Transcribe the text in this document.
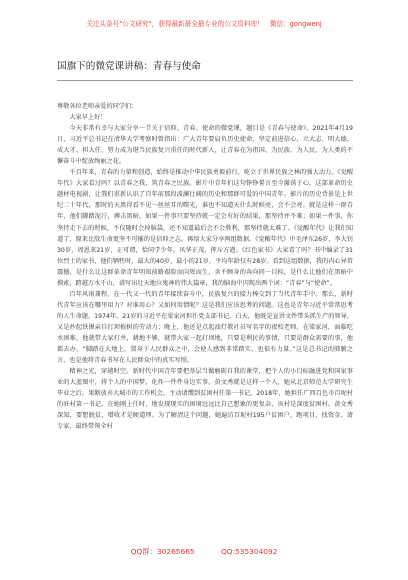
关注头条号"公文研究"，获得最新最全最专业的公文资料库！ 微信：gongwenj
国旗下的微党课讲稿：青春与使命
尊敬各位老师亲爱的同学们：

大家早上好！

今天非常有幸与大家分享一节关于信仰、青春、使命的微党课，题目是《青春与使命》。2021年4月19日，习近平总书记在清华大学考察时曾指出：广大青年要肩负历史使命，坚定前进信心，立大志、明大德、成大才、担大任，努力成为堪当民族复兴重任的时代新人，让青春在为祖国、为民族、为人民、为人类的不懈奋斗中绽放绚丽之花。

千百年来，青春的力量和创造，始终是推动中华民族勇毅前行，屹立于世界民族之林的强大动力。《觉醒年代》大家看过吗？以青春之我，筑青春之民族。影片中青年们这句铮铮誓言至今激荡于心，这部革命历史题材电视剧，让我们重新认识了百年前那段波澜壮阔的历史和那群可爱的中国青年。影片的历史背景是上世纪二十年代，那时的天黑得看不见一丝丝耳的曙光，谁也不知道天什么时候亮，会不会亮。就是这样一群青年，他们脚踏泥泞，搏击黑暗，如果一件事只要坚持就一定会有好的结果，那坚持并不难；如果一件事，你坚持走下去的时候，不仅随时会掉脑袋，还不知道最后会不会胜利，那坚持就太难了。《觉醒年代》让我们知道了，原来比敌生命更坚不可摧的是信仰之志。再给大家分享两组数据。《觉醒年代》中毛泽东26岁，李大钊30岁，周恩来21岁，正可谓，恰同学少年，风华正茂，挥斥方遒。《红色家书》大家看了吗？书中编录了31位烈士的家书，他们牺牲时，最大的40岁，最小的21岁，平均年龄仅有28岁。看到这组数据，我的内心异常震撼，是什么让这群革命青年明知前路艰险而向死而生，舍不顾身的奔向同一目标，是什么让他们在黑暗中摸索，跨越万水千山，谱写出壮天地泣鬼神的伟大篇章，我的脑海中闪现出两个词：“青春”与“使命”。

百年风雨兼程，在一代又一代的青年接续奋斗中，民族复兴的接力棒交到了当代青年手中。那么，新时代青年应该在哪里用力？对谁用心？又如何用情呢？这是我们应该思考的问题。这也是青年习近平常常思考的人生命题。1974年，21岁的习近平在梁家河担任党支部书记。白天，他既是宣讲文件带头抓生产的领导，又是抄起铁锹亲自打坝植树的劳动力；晚上，他还是点起油灯教社员写名字的夜校老师。在梁家河，面临吃水困难，他就带大家打井，耕地不够，就带大家一起打坝地，只要是利民的事情，只要是群众需要的事，他都去办。“脚踏在大地上，置身于人民群众之中，会使人感到非常踏实，也很有力量。”这是总书记的肺腑之言，也是他将青春书写在人民群众中的真实写照。

精神之光，穿越时空。新时代中国青年要把基层当做磨砺自我的课堂，把个人的小目标融进党和国家事业的大蓝图中，将个人的中国梦，化作一件件身边实事。黄文秀就是这样一个人，她从北京师范大学研究生毕业之后，果断放弃大城市的工作机会，主动请缨到贫困村任第一书记，2018年，她担任广西百色市百坭村的驻村第一书记。在她刚上任时，地发现现实的困境远远比自己想象的更复杂，该村是深度贫困村。黄文秀深知，要想脱贫，增收才是硬道理。为了解清这个问题，她遍访百坭村195户贫困户，跑项目、找资金、请专家，最终带领全村

QQ群：30265665	QQ:535304092
